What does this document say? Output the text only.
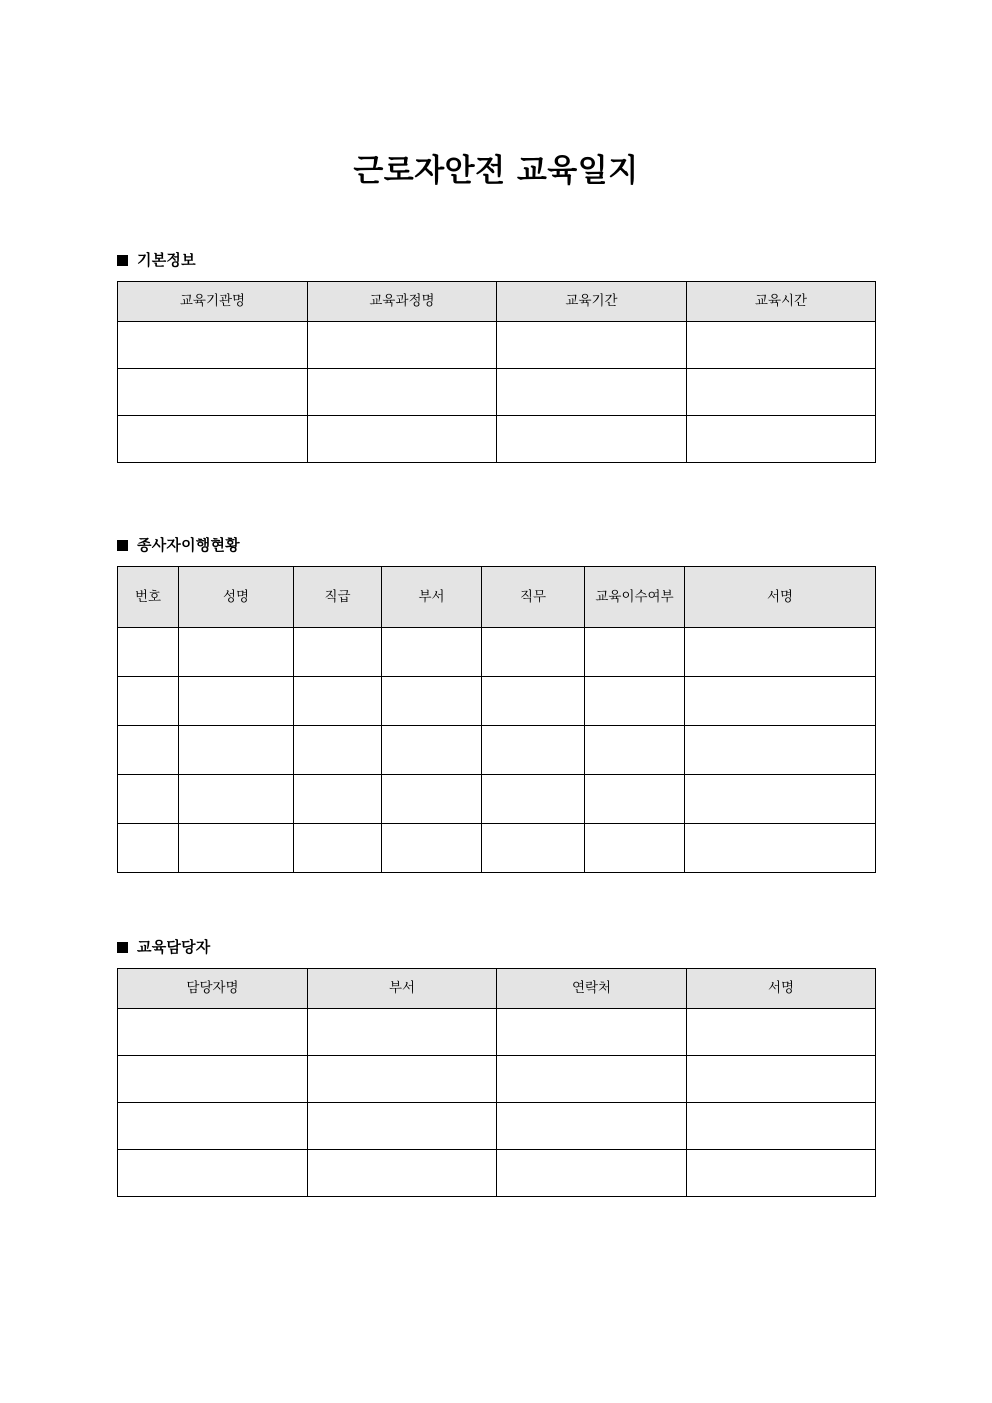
근로자안전 교육일지
기본정보
교육기관명	교육과정명	교육기간	교육시간

종사자이행현황
번호	성명	직급	부서	직무	교육이수여부	서명

교육담당자
담당자명	부서	연락처	서명
